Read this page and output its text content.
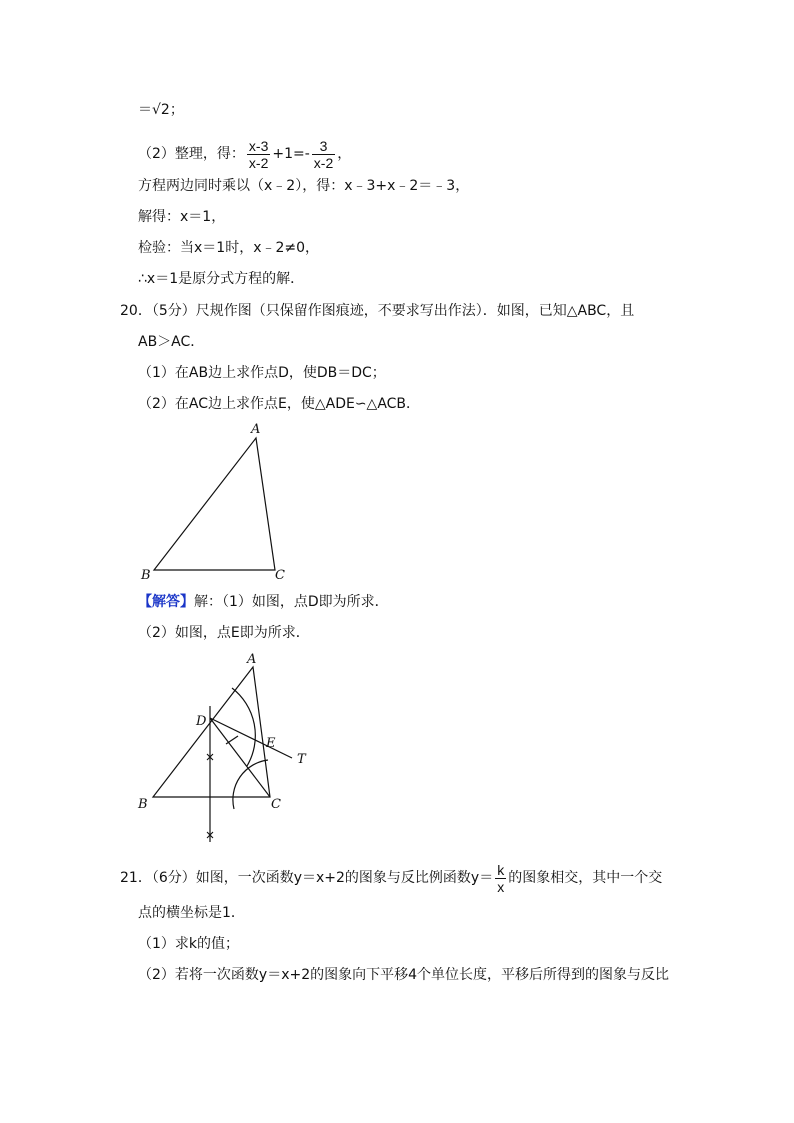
＝√2；
（2）整理，得： $\frac{x-3}{x-2} +1=- \frac{3}{x-2}$ ，
方程两边同时乘以（x﹣2），得：x﹣3+x﹣2＝﹣3，
解得：x＝1，
检验：当x＝1时，x﹣2≠0，
∴x＝1是原分式方程的解．
20．（5分）尺规作图（只保留作图痕迹，不要求写出作法）．如图，已知△ABC，且
AB＞AC．
（1）在AB边上求作点D，使DB＝DC；
（2）在AC边上求作点E，使△ADE∽△ACB．
A
B	C
【解答】解：（1）如图，点D即为所求．
（2）如图，点E即为所求．
A
D
E
T
B	C
21．（6分）如图，一次函数y＝x+2的图象与反比例函数$y= \frac{k}{x}$ 的图象相交，其中一个交
点的横坐标是1．
（1）求k的值；
（2）若将一次函数y＝x+2的图象向下平移4个单位长度，平移后所得到的图象与反比
